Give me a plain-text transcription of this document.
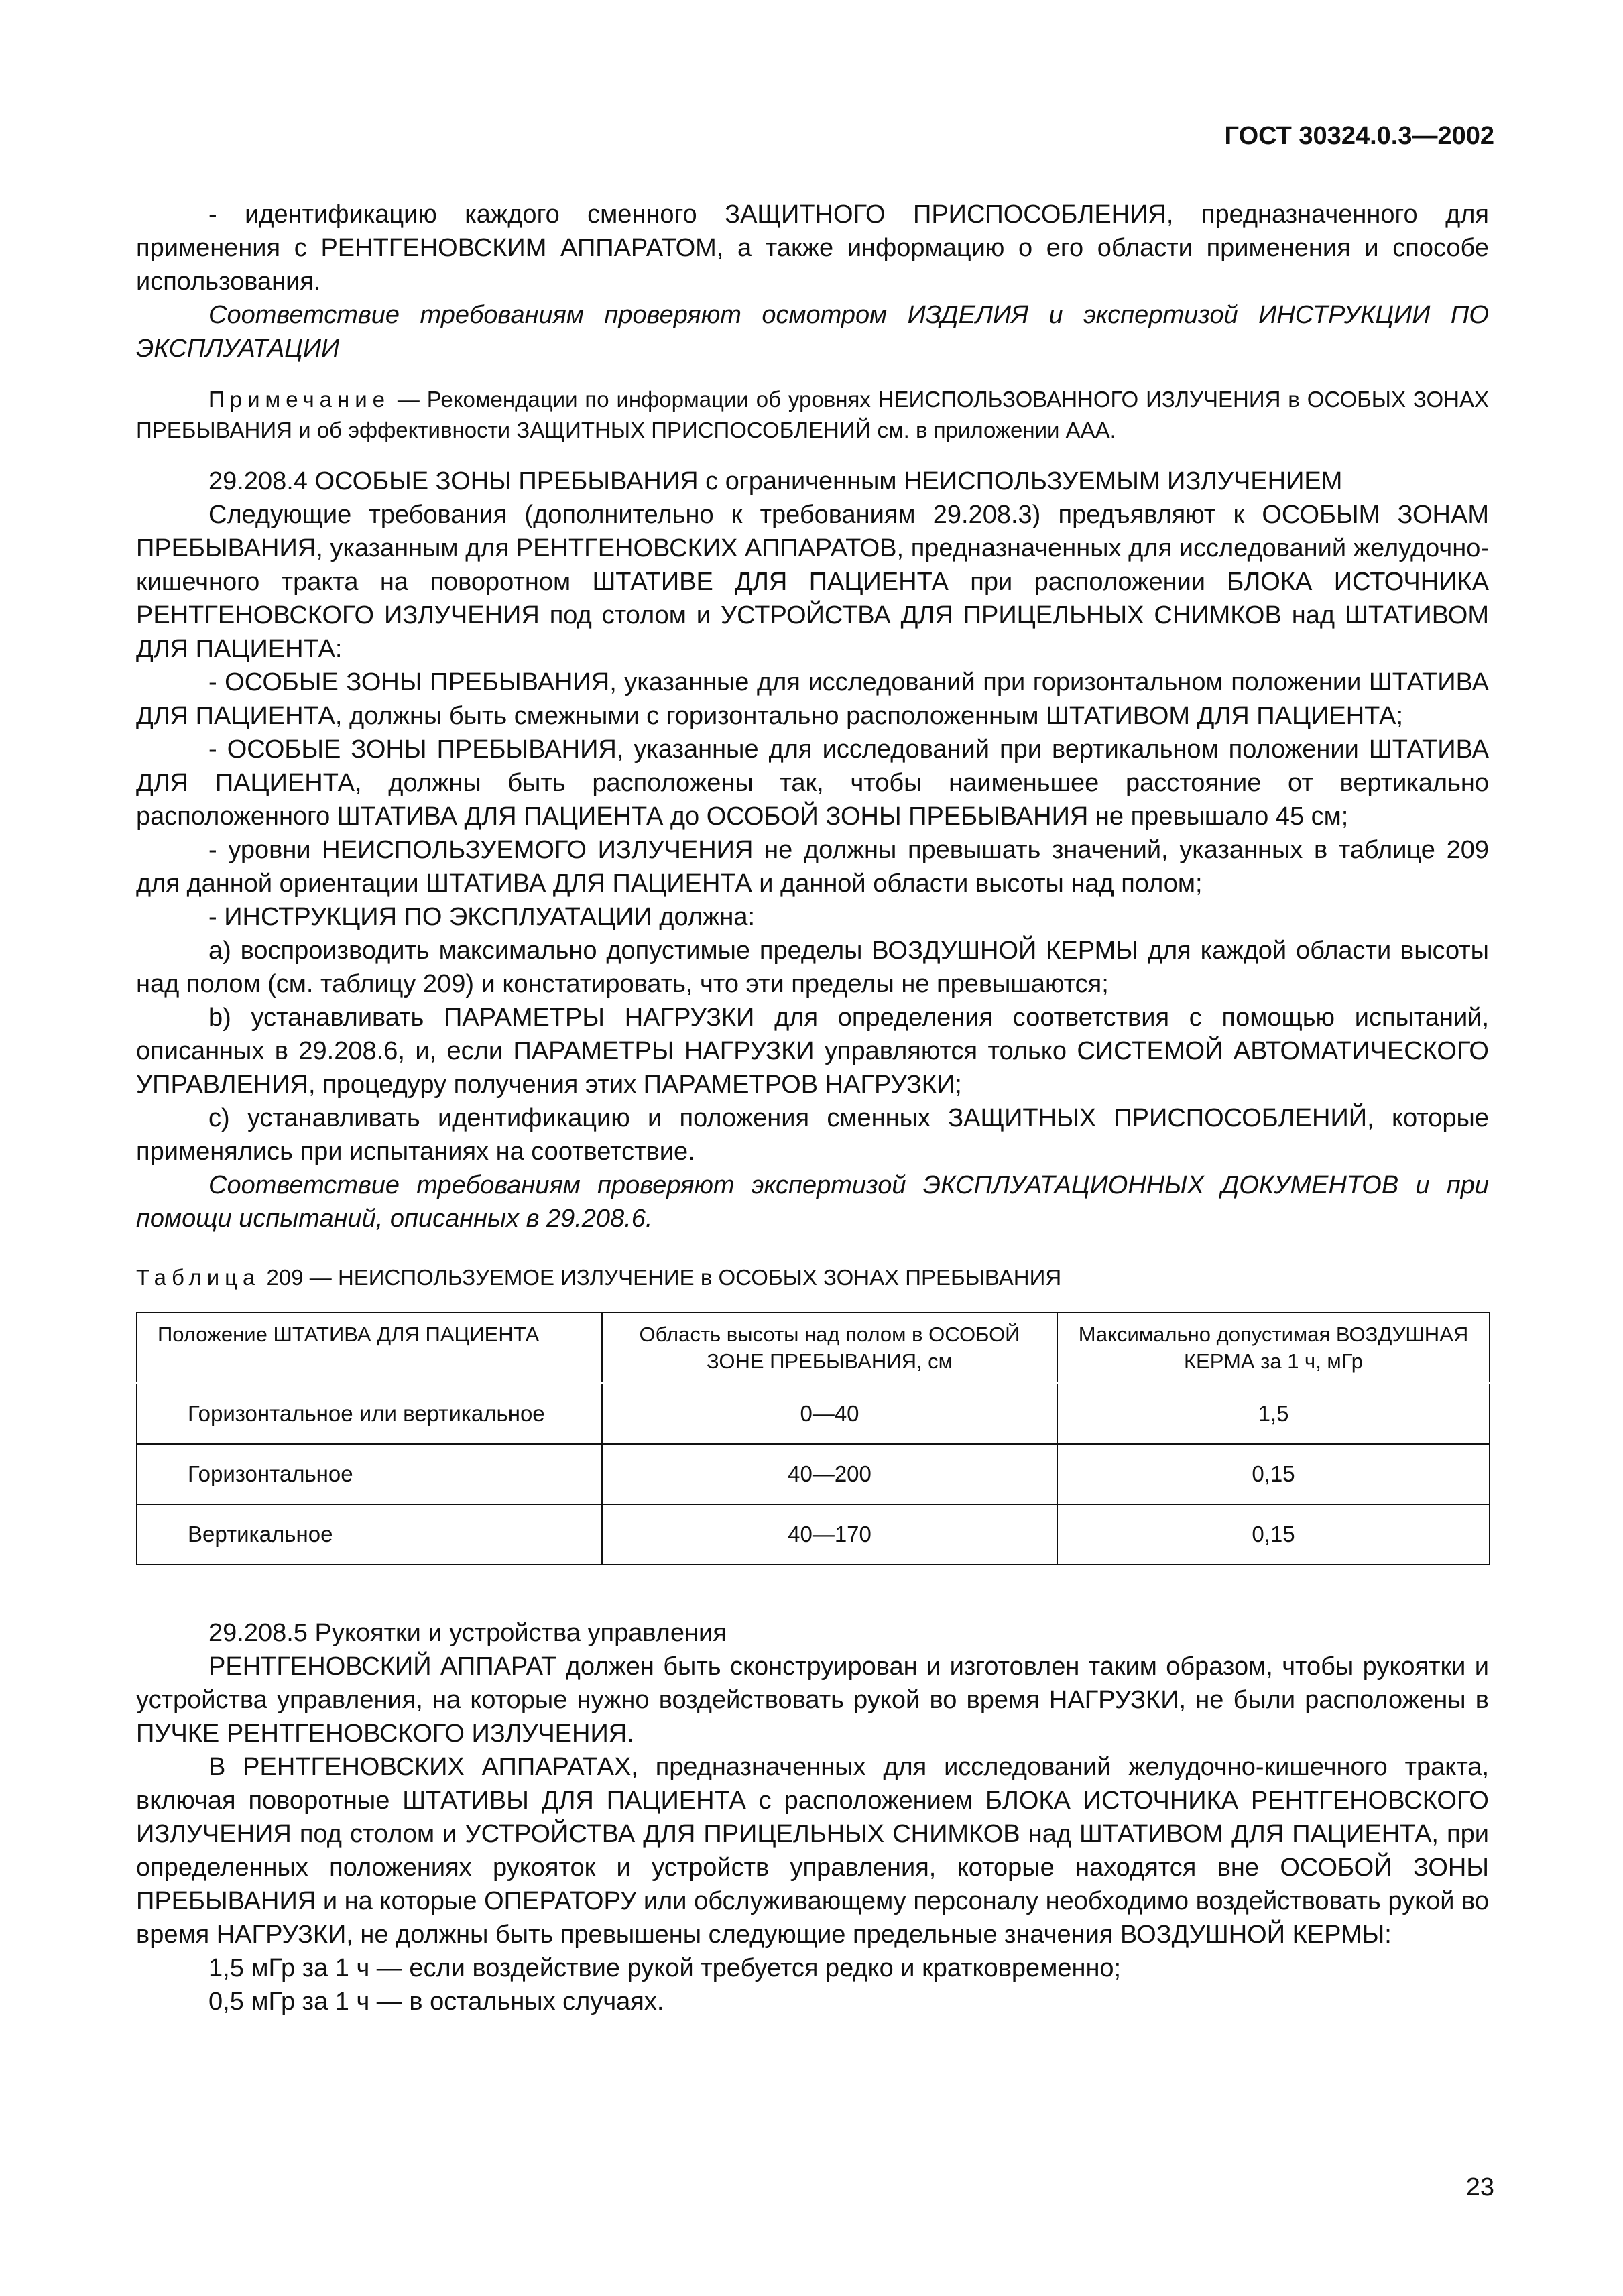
ГОСТ 30324.0.3—2002

- идентификацию каждого сменного ЗАЩИТНОГО ПРИСПОСОБЛЕНИЯ, предназначенного для применения с РЕНТГЕНОВСКИМ АППАРАТОМ, а также информацию о его области применения и способе использования.

Соответствие требованиям проверяют осмотром ИЗДЕЛИЯ и экспертизой ИНСТРУКЦИИ ПО ЭКСПЛУАТАЦИИ

Примечание — Рекомендации по информации об уровнях НЕИСПОЛЬЗОВАННОГО ИЗЛУЧЕНИЯ в ОСОБЫХ ЗОНАХ ПРЕБЫВАНИЯ и об эффективности ЗАЩИТНЫХ ПРИСПОСОБЛЕНИЙ см. в приложении ААА.

29.208.4 ОСОБЫЕ ЗОНЫ ПРЕБЫВАНИЯ с ограниченным НЕИСПОЛЬЗУЕМЫМ ИЗЛУЧЕНИЕМ

Следующие требования (дополнительно к требованиям 29.208.3) предъявляют к ОСОБЫМ ЗОНАМ ПРЕБЫВАНИЯ, указанным для РЕНТГЕНОВСКИХ АППАРАТОВ, предназначенных для исследований желудочно-кишечного тракта на поворотном ШТАТИВЕ ДЛЯ ПАЦИЕНТА при расположении БЛОКА ИСТОЧНИКА РЕНТГЕНОВСКОГО ИЗЛУЧЕНИЯ под столом и УСТРОЙСТВА ДЛЯ ПРИЦЕЛЬНЫХ СНИМКОВ над ШТАТИВОМ ДЛЯ ПАЦИЕНТА:

- ОСОБЫЕ ЗОНЫ ПРЕБЫВАНИЯ, указанные для исследований при горизонтальном положении ШТАТИВА ДЛЯ ПАЦИЕНТА, должны быть смежными с горизонтально расположенным ШТАТИВОМ ДЛЯ ПАЦИЕНТА;

- ОСОБЫЕ ЗОНЫ ПРЕБЫВАНИЯ, указанные для исследований при вертикальном положении ШТАТИВА ДЛЯ ПАЦИЕНТА, должны быть расположены так, чтобы наименьшее расстояние от вертикально расположенного ШТАТИВА ДЛЯ ПАЦИЕНТА до ОСОБОЙ ЗОНЫ ПРЕБЫВАНИЯ не превышало 45 см;

- уровни НЕИСПОЛЬЗУЕМОГО ИЗЛУЧЕНИЯ не должны превышать значений, указанных в таблице 209 для данной ориентации ШТАТИВА ДЛЯ ПАЦИЕНТА и данной области высоты над полом;

- ИНСТРУКЦИЯ ПО ЭКСПЛУАТАЦИИ должна:

a) воспроизводить максимально допустимые пределы ВОЗДУШНОЙ КЕРМЫ для каждой области высоты над полом (см. таблицу 209) и констатировать, что эти пределы не превышаются;

b) устанавливать ПАРАМЕТРЫ НАГРУЗКИ для определения соответствия с помощью испытаний, описанных в 29.208.6, и, если ПАРАМЕТРЫ НАГРУЗКИ управляются только СИСТЕМОЙ АВТОМАТИЧЕСКОГО УПРАВЛЕНИЯ, процедуру получения этих ПАРАМЕТРОВ НАГРУЗКИ;

c) устанавливать идентификацию и положения сменных ЗАЩИТНЫХ ПРИСПОСОБЛЕНИЙ, которые применялись при испытаниях на соответствие.

Соответствие требованиям проверяют экспертизой ЭКСПЛУАТАЦИОННЫХ ДОКУМЕНТОВ и при помощи испытаний, описанных в 29.208.6.

Таблица 209 — НЕИСПОЛЬЗУЕМОЕ ИЗЛУЧЕНИЕ в ОСОБЫХ ЗОНАХ ПРЕБЫВАНИЯ

Положение ШТАТИВА ДЛЯ ПАЦИЕНТА	Область высоты над полом в ОСОБОЙ ЗОНЕ ПРЕБЫВАНИЯ, см	Максимально допустимая ВОЗДУШНАЯ КЕРМА за 1 ч, мГр
Горизонтальное или вертикальное	0—40	1,5
Горизонтальное	40—200	0,15
Вертикальное	40—170	0,15

29.208.5 Рукоятки и устройства управления

РЕНТГЕНОВСКИЙ АППАРАТ должен быть сконструирован и изготовлен таким образом, чтобы рукоятки и устройства управления, на которые нужно воздействовать рукой во время НАГРУЗКИ, не были расположены в ПУЧКЕ РЕНТГЕНОВСКОГО ИЗЛУЧЕНИЯ.

В РЕНТГЕНОВСКИХ АППАРАТАХ, предназначенных для исследований желудочно-кишечного тракта, включая поворотные ШТАТИВЫ ДЛЯ ПАЦИЕНТА с расположением БЛОКА ИСТОЧНИКА РЕНТГЕНОВСКОГО ИЗЛУЧЕНИЯ под столом и УСТРОЙСТВА ДЛЯ ПРИЦЕЛЬНЫХ СНИМКОВ над ШТАТИВОМ ДЛЯ ПАЦИЕНТА, при определенных положениях рукояток и устройств управления, которые находятся вне ОСОБОЙ ЗОНЫ ПРЕБЫВАНИЯ и на которые ОПЕРАТОРУ или обслуживающему персоналу необходимо воздействовать рукой во время НАГРУЗКИ, не должны быть превышены следующие предельные значения ВОЗДУШНОЙ КЕРМЫ:

1,5 мГр за 1 ч — если воздействие рукой требуется редко и кратковременно;

0,5 мГр за 1 ч — в остальных случаях.

23
